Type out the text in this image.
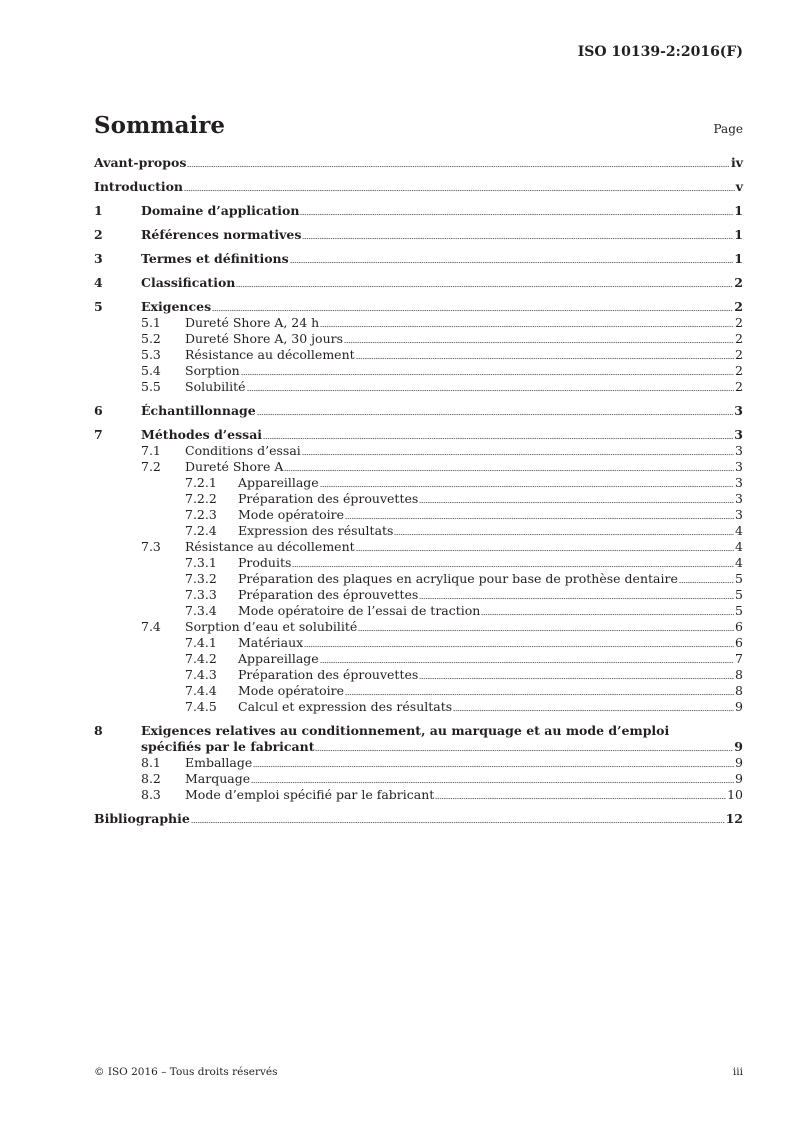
ISO 10139-2:2016(F)
Sommaire	Page
Avant-propos	iv
Introduction	v
1	Domaine d’application	1
2	Références normatives	1
3	Termes et définitions	1
4	Classification	2
5	Exigences	2
5.1	Dureté Shore A, 24 h	2
5.2	Dureté Shore A, 30 jours	2
5.3	Résistance au décollement	2
5.4	Sorption	2
5.5	Solubilité	2
6	Échantillonnage	3
7	Méthodes d’essai	3
7.1	Conditions d’essai	3
7.2	Dureté Shore A	3
7.2.1	Appareillage	3
7.2.2	Préparation des éprouvettes	3
7.2.3	Mode opératoire	3
7.2.4	Expression des résultats	4
7.3	Résistance au décollement	4
7.3.1	Produits	4
7.3.2	Préparation des plaques en acrylique pour base de prothèse dentaire	5
7.3.3	Préparation des éprouvettes	5
7.3.4	Mode opératoire de l’essai de traction	5
7.4	Sorption d’eau et solubilité	6
7.4.1	Matériaux	6
7.4.2	Appareillage	7
7.4.3	Préparation des éprouvettes	8
7.4.4	Mode opératoire	8
7.4.5	Calcul et expression des résultats	9
8	Exigences relatives au conditionnement, au marquage et au mode d’emploi
spécifiés par le fabricant	9
8.1	Emballage	9
8.2	Marquage	9
8.3	Mode d’emploi spécifié par le fabricant	10
Bibliographie	12
© ISO 2016 – Tous droits réservés	iii
